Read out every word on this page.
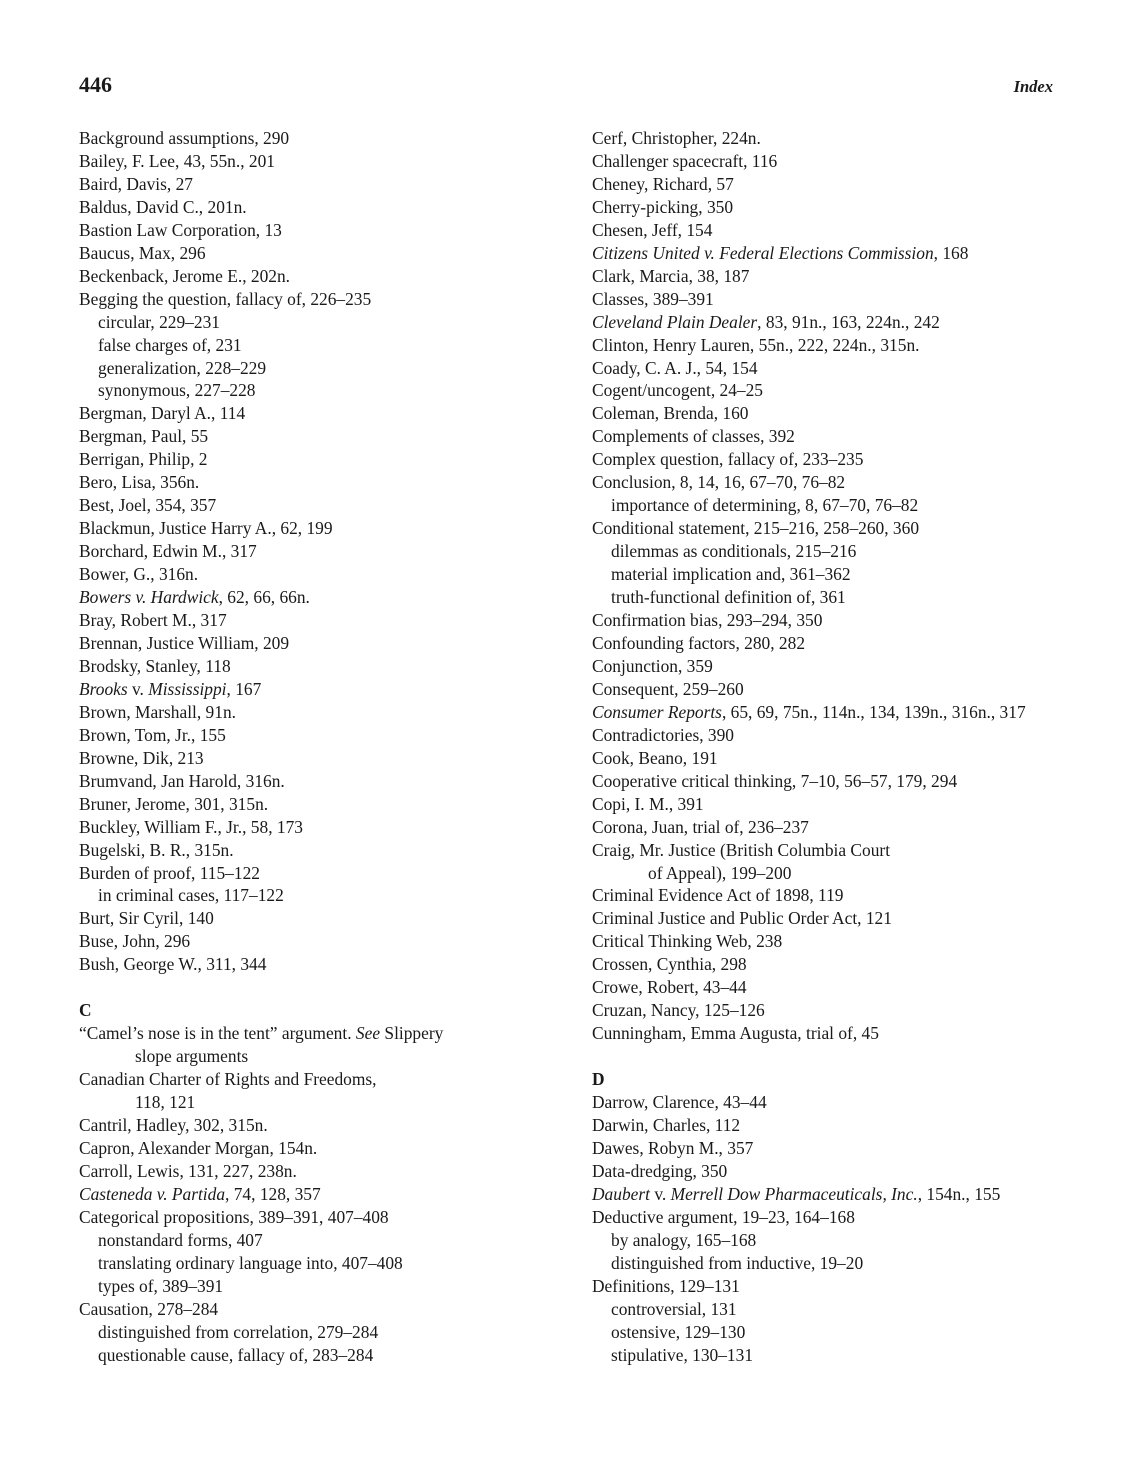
446	Index
Background assumptions, 290
Bailey, F. Lee, 43, 55n., 201
Baird, Davis, 27
Baldus, David C., 201n.
Bastion Law Corporation, 13
Baucus, Max, 296
Beckenback, Jerome E., 202n.
Begging the question, fallacy of, 226–235
circular, 229–231
false charges of, 231
generalization, 228–229
synonymous, 227–228
Bergman, Daryl A., 114
Bergman, Paul, 55
Berrigan, Philip, 2
Bero, Lisa, 356n.
Best, Joel, 354, 357
Blackmun, Justice Harry A., 62, 199
Borchard, Edwin M., 317
Bower, G., 316n.
Bowers v. Hardwick, 62, 66, 66n.
Bray, Robert M., 317
Brennan, Justice William, 209
Brodsky, Stanley, 118
Brooks v. Mississippi, 167
Brown, Marshall, 91n.
Brown, Tom, Jr., 155
Browne, Dik, 213
Brumvand, Jan Harold, 316n.
Bruner, Jerome, 301, 315n.
Buckley, William F., Jr., 58, 173
Bugelski, B. R., 315n.
Burden of proof, 115–122
in criminal cases, 117–122
Burt, Sir Cyril, 140
Buse, John, 296
Bush, George W., 311, 344
C
“Camel’s nose is in the tent” argument. See Slippery
slope arguments
Canadian Charter of Rights and Freedoms,
118, 121
Cantril, Hadley, 302, 315n.
Capron, Alexander Morgan, 154n.
Carroll, Lewis, 131, 227, 238n.
Casteneda v. Partida, 74, 128, 357
Categorical propositions, 389–391, 407–408
nonstandard forms, 407
translating ordinary language into, 407–408
types of, 389–391
Causation, 278–284
distinguished from correlation, 279–284
questionable cause, fallacy of, 283–284
Cerf, Christopher, 224n.
Challenger spacecraft, 116
Cheney, Richard, 57
Cherry-picking, 350
Chesen, Jeff, 154
Citizens United v. Federal Elections Commission, 168
Clark, Marcia, 38, 187
Classes, 389–391
Cleveland Plain Dealer, 83, 91n., 163, 224n., 242
Clinton, Henry Lauren, 55n., 222, 224n., 315n.
Coady, C. A. J., 54, 154
Cogent/uncogent, 24–25
Coleman, Brenda, 160
Complements of classes, 392
Complex question, fallacy of, 233–235
Conclusion, 8, 14, 16, 67–70, 76–82
importance of determining, 8, 67–70, 76–82
Conditional statement, 215–216, 258–260, 360
dilemmas as conditionals, 215–216
material implication and, 361–362
truth-functional definition of, 361
Confirmation bias, 293–294, 350
Confounding factors, 280, 282
Conjunction, 359
Consequent, 259–260
Consumer Reports, 65, 69, 75n., 114n., 134, 139n., 316n., 317
Contradictories, 390
Cook, Beano, 191
Cooperative critical thinking, 7–10, 56–57, 179, 294
Copi, I. M., 391
Corona, Juan, trial of, 236–237
Craig, Mr. Justice (British Columbia Court
of Appeal), 199–200
Criminal Evidence Act of 1898, 119
Criminal Justice and Public Order Act, 121
Critical Thinking Web, 238
Crossen, Cynthia, 298
Crowe, Robert, 43–44
Cruzan, Nancy, 125–126
Cunningham, Emma Augusta, trial of, 45
D
Darrow, Clarence, 43–44
Darwin, Charles, 112
Dawes, Robyn M., 357
Data-dredging, 350
Daubert v. Merrell Dow Pharmaceuticals, Inc., 154n., 155
Deductive argument, 19–23, 164–168
by analogy, 165–168
distinguished from inductive, 19–20
Definitions, 129–131
controversial, 131
ostensive, 129–130
stipulative, 130–131
